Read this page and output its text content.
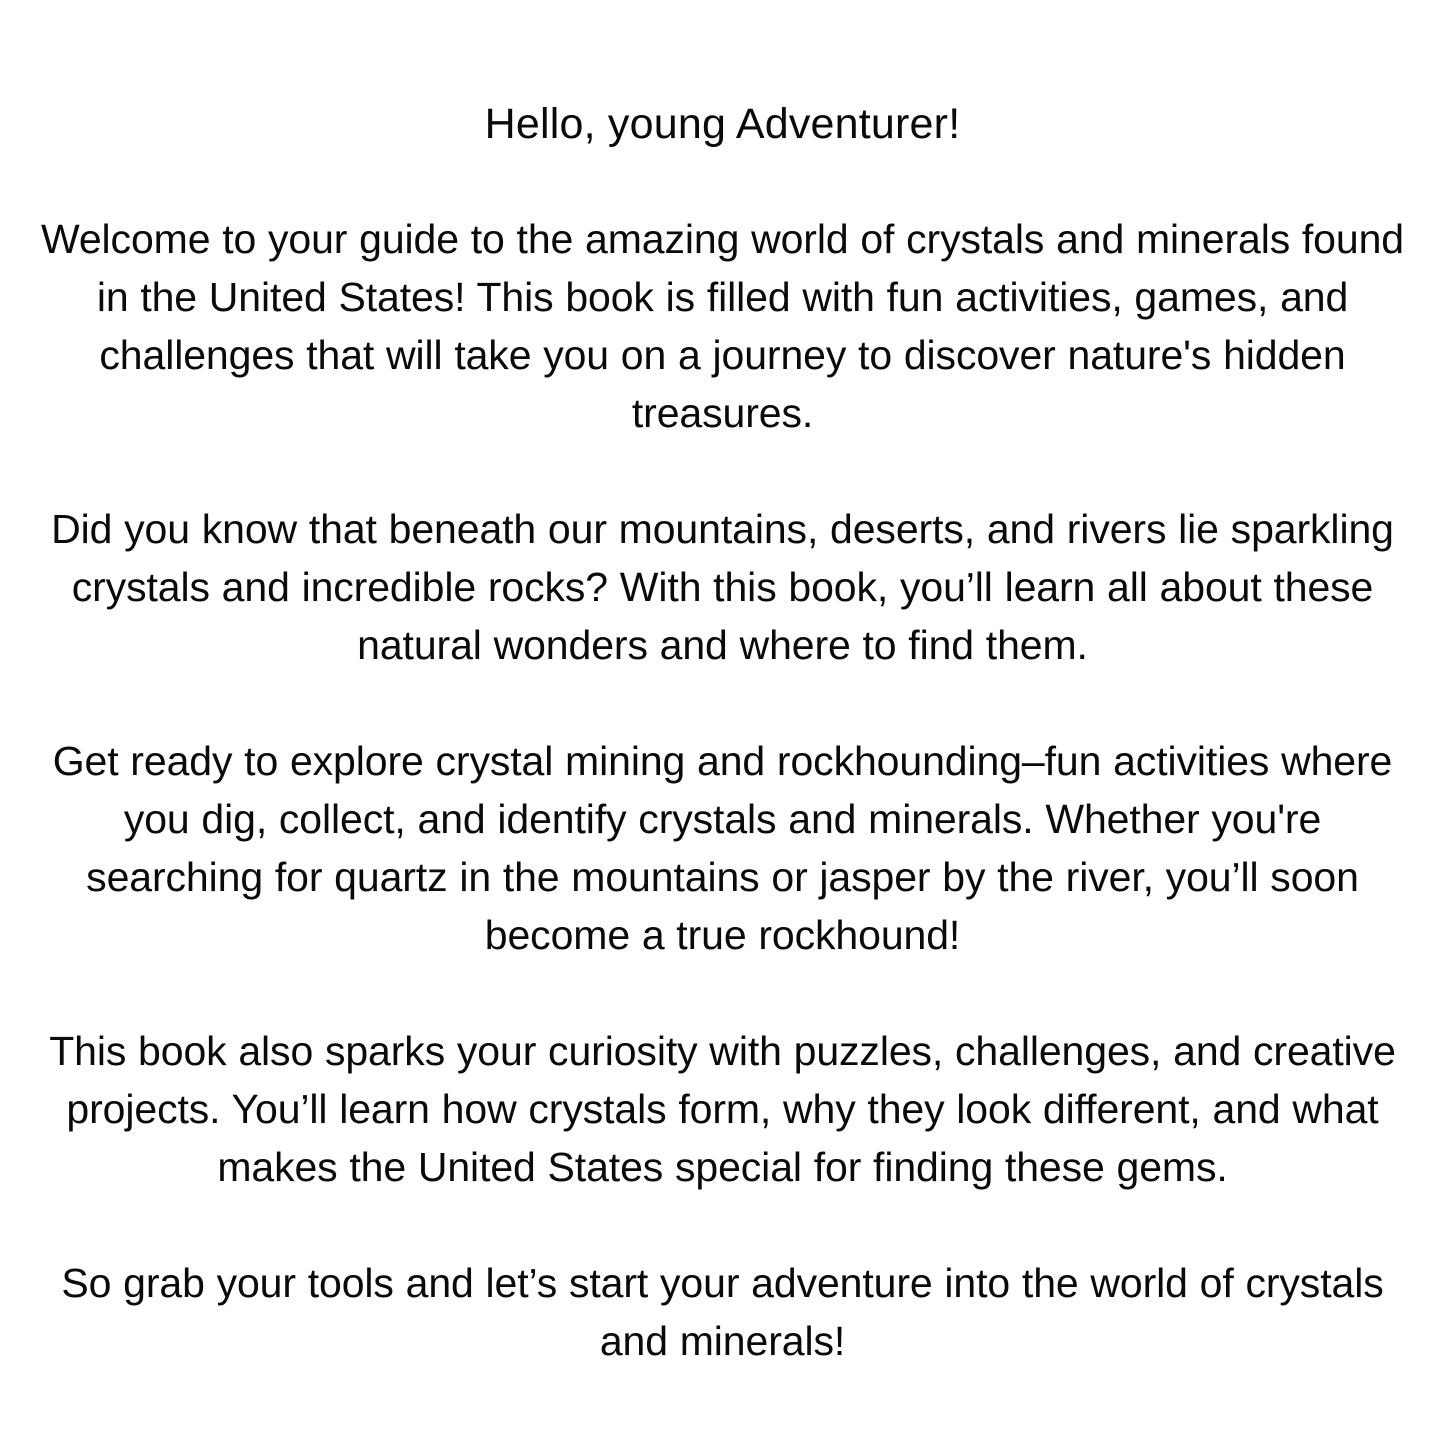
Hello, young Adventurer!

Welcome to your guide to the amazing world of crystals and minerals found in the United States! This book is filled with fun activities, games, and challenges that will take you on a journey to discover nature's hidden treasures.

Did you know that beneath our mountains, deserts, and rivers lie sparkling crystals and incredible rocks? With this book, you’ll learn all about these natural wonders and where to find them.

Get ready to explore crystal mining and rockhounding–fun activities where you dig, collect, and identify crystals and minerals. Whether you're searching for quartz in the mountains or jasper by the river, you’ll soon become a true rockhound!

This book also sparks your curiosity with puzzles, challenges, and creative projects. You’ll learn how crystals form, why they look different, and what makes the United States special for finding these gems.

So grab your tools and let’s start your adventure into the world of crystals and minerals!
